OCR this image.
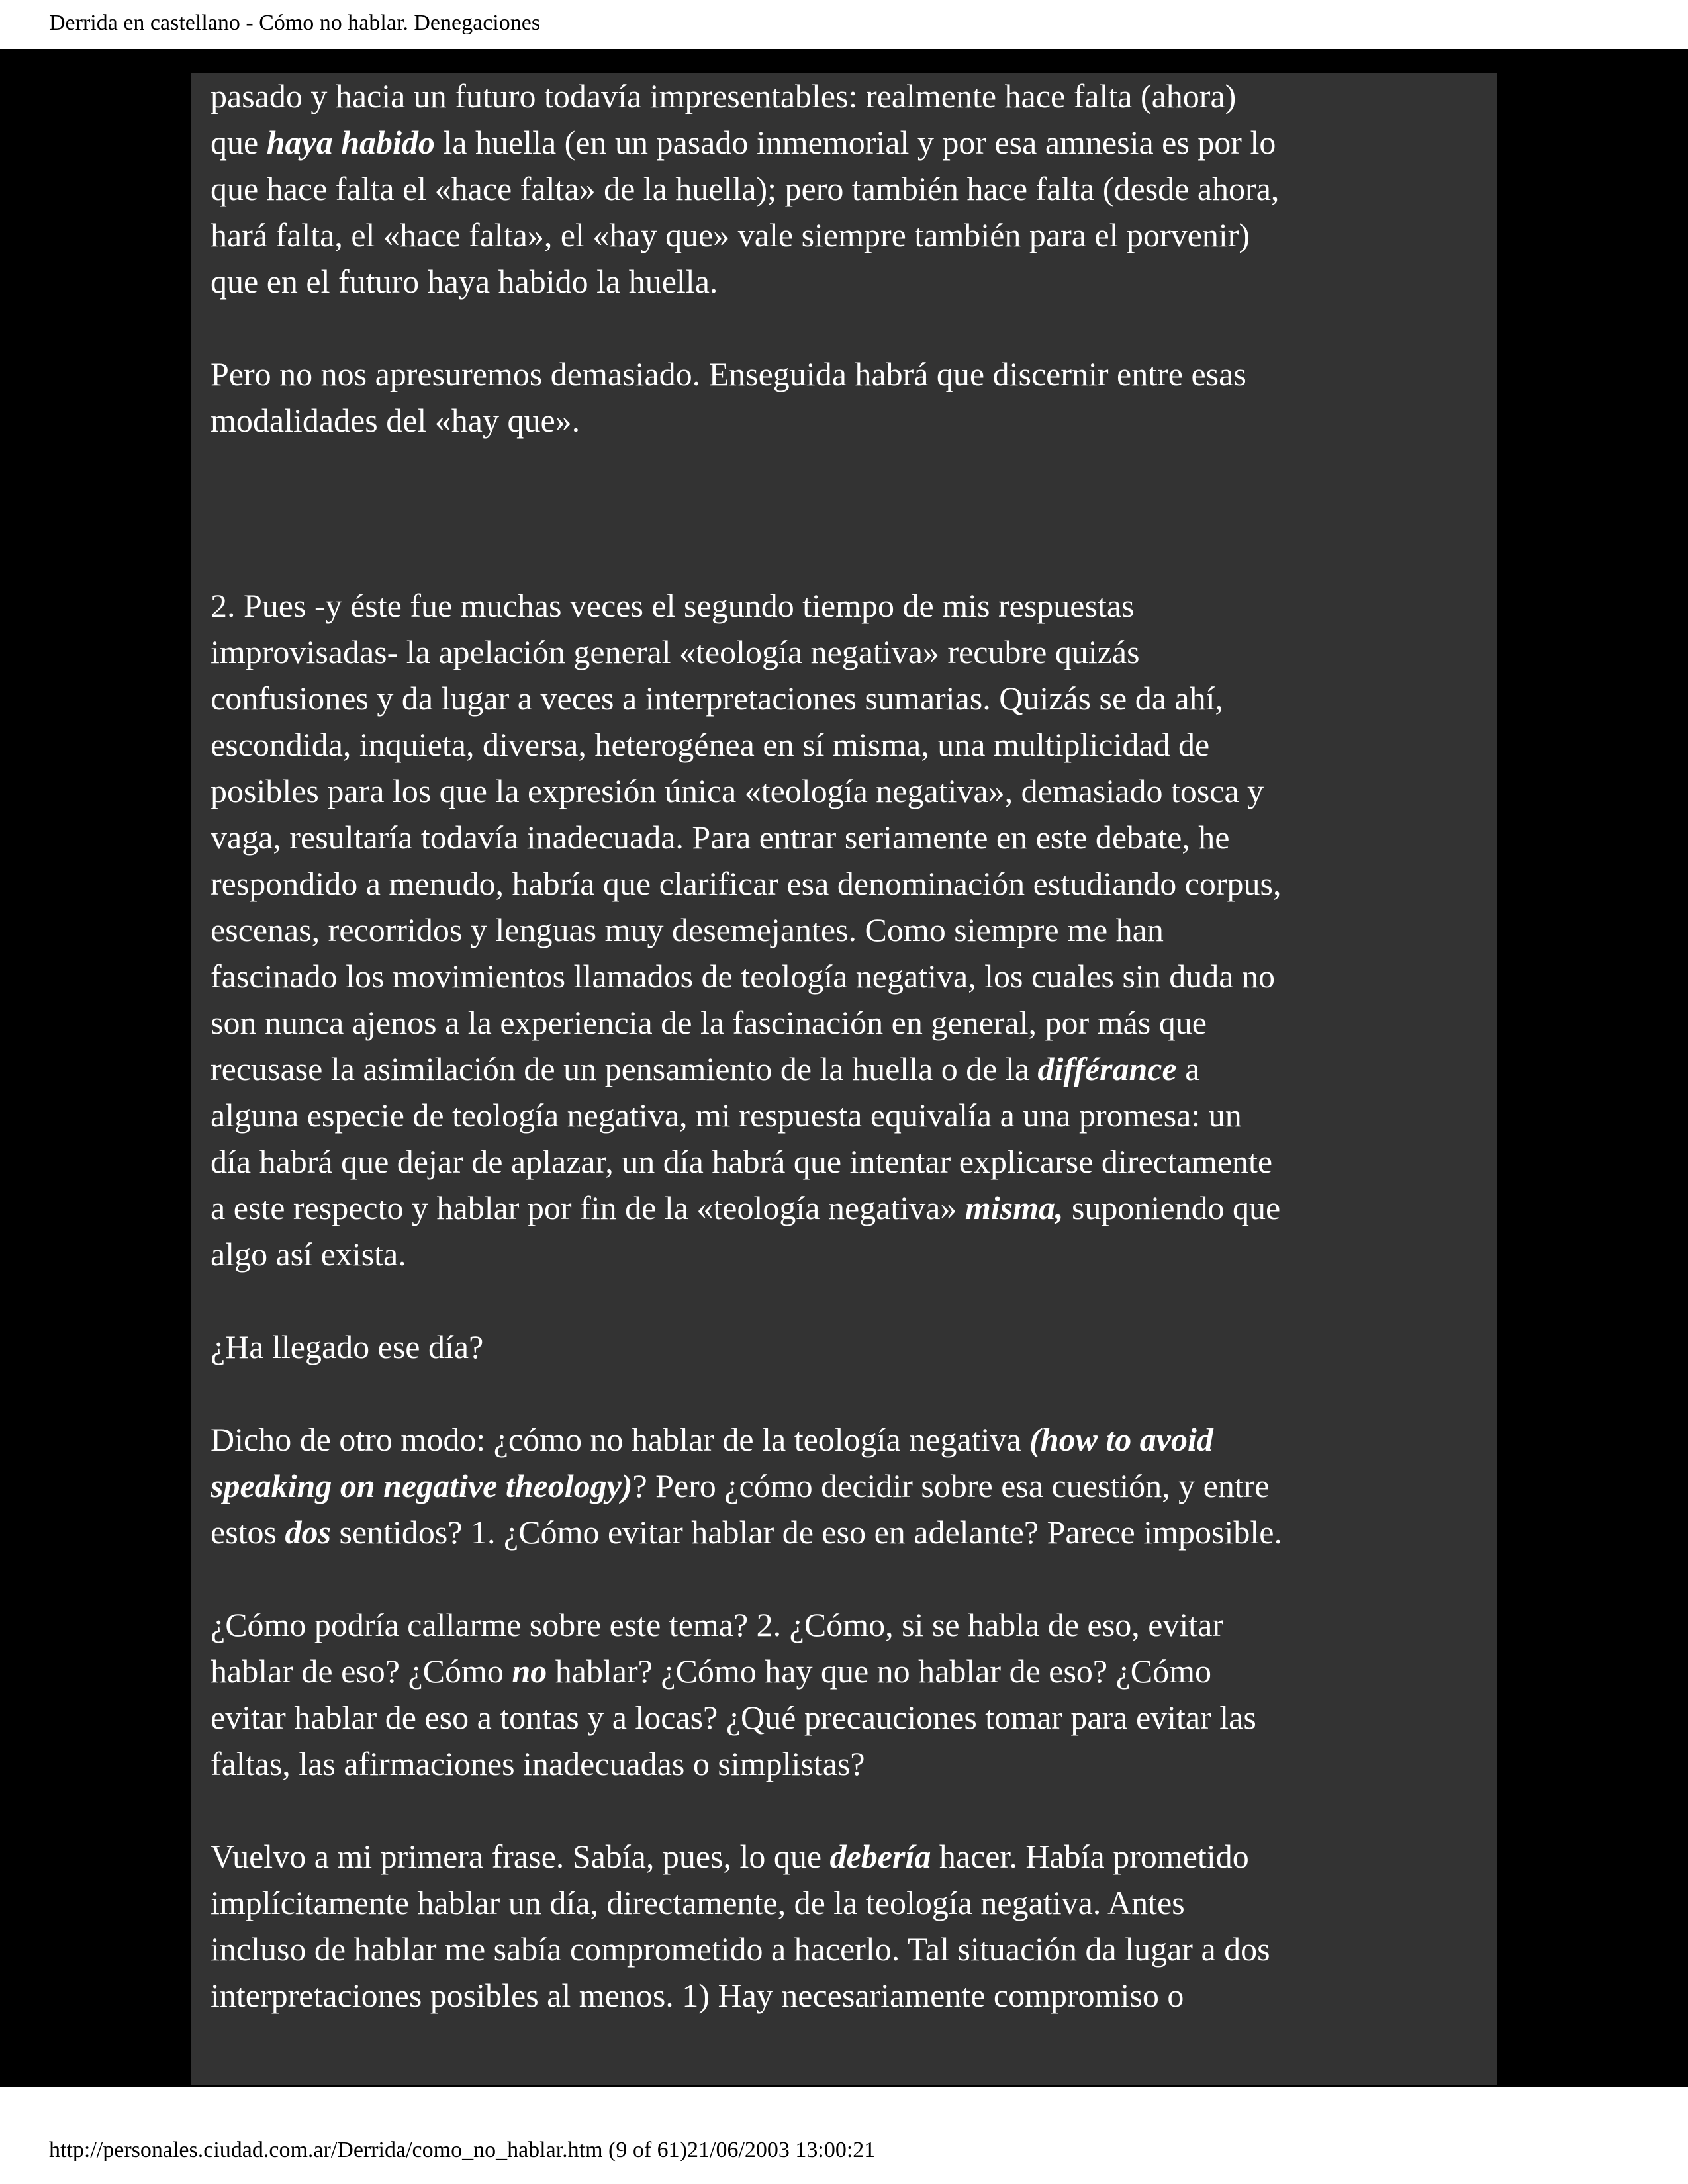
Derrida en castellano - Cómo no hablar. Denegaciones
pasado y hacia un futuro todavía impresentables: realmente hace falta (ahora)
que haya habido la huella (en un pasado inmemorial y por esa amnesia es por lo
que hace falta el «hace falta» de la huella); pero también hace falta (desde ahora,
hará falta, el «hace falta», el «hay que» vale siempre también para el porvenir)
que en el futuro haya habido la huella.
Pero no nos apresuremos demasiado. Enseguida habrá que discernir entre esas
modalidades del «hay que».
2. Pues -y éste fue muchas veces el segundo tiempo de mis respuestas
improvisadas- la apelación general «teología negativa» recubre quizás
confusiones y da lugar a veces a interpretaciones sumarias. Quizás se da ahí,
escondida, inquieta, diversa, heterogénea en sí misma, una multiplicidad de
posibles para los que la expresión única «teología negativa», demasiado tosca y
vaga, resultaría todavía inadecuada. Para entrar seriamente en este debate, he
respondido a menudo, habría que clarificar esa denominación estudiando corpus,
escenas, recorridos y lenguas muy desemejantes. Como siempre me han
fascinado los movimientos llamados de teología negativa, los cuales sin duda no
son nunca ajenos a la experiencia de la fascinación en general, por más que
recusase la asimilación de un pensamiento de la huella o de la différance a
alguna especie de teología negativa, mi respuesta equivalía a una promesa: un
día habrá que dejar de aplazar, un día habrá que intentar explicarse directamente
a este respecto y hablar por fin de la «teología negativa» misma, suponiendo que
algo así exista.
¿Ha llegado ese día?
Dicho de otro modo: ¿cómo no hablar de la teología negativa (how to avoid
speaking on negative theology)? Pero ¿cómo decidir sobre esa cuestión, y entre
estos dos sentidos? 1. ¿Cómo evitar hablar de eso en adelante? Parece imposible.
¿Cómo podría callarme sobre este tema? 2. ¿Cómo, si se habla de eso, evitar
hablar de eso? ¿Cómo no hablar? ¿Cómo hay que no hablar de eso? ¿Cómo
evitar hablar de eso a tontas y a locas? ¿Qué precauciones tomar para evitar las
faltas, las afirmaciones inadecuadas o simplistas?
Vuelvo a mi primera frase. Sabía, pues, lo que debería hacer. Había prometido
implícitamente hablar un día, directamente, de la teología negativa. Antes
incluso de hablar me sabía comprometido a hacerlo. Tal situación da lugar a dos
interpretaciones posibles al menos. 1) Hay necesariamente compromiso o
http://personales.ciudad.com.ar/Derrida/como_no_hablar.htm (9 of 61)21/06/2003 13:00:21
